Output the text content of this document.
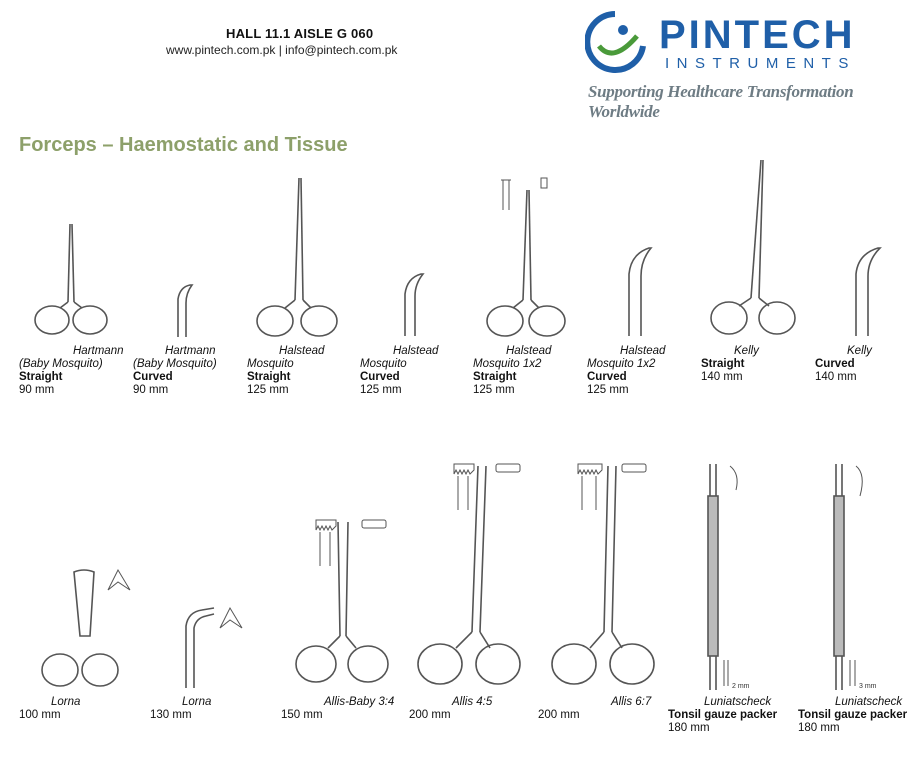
HALL 11.1 AISLE G 060
www.pintech.com.pk | info@pintech.com.pk	PINTECH
INSTRUMENTS
Supporting Healthcare Transformation Worldwide
Forceps – Haemostatic and Tissue
Hartmann
(Baby Mosquito)
Straight
90 mm
Hartmann
(Baby Mosquito)
Curved
90 mm
Halstead
Mosquito
Straight
125 mm
Halstead
Mosquito
Curved
125 mm
Halstead
Mosquito 1x2
Straight
125 mm
Halstead
Mosquito 1x2
Curved
125 mm
Kelly
Straight
140 mm
Kelly
Curved
140 mm
2 mm	3 mm
Lorna
100 mm
Lorna
130 mm
Allis-Baby 3:4
150 mm
Allis 4:5
200 mm
Allis 6:7
200 mm
Luniatscheck
Tonsil gauze packer
180 mm
Luniatscheck
Tonsil gauze packer
180 mm
